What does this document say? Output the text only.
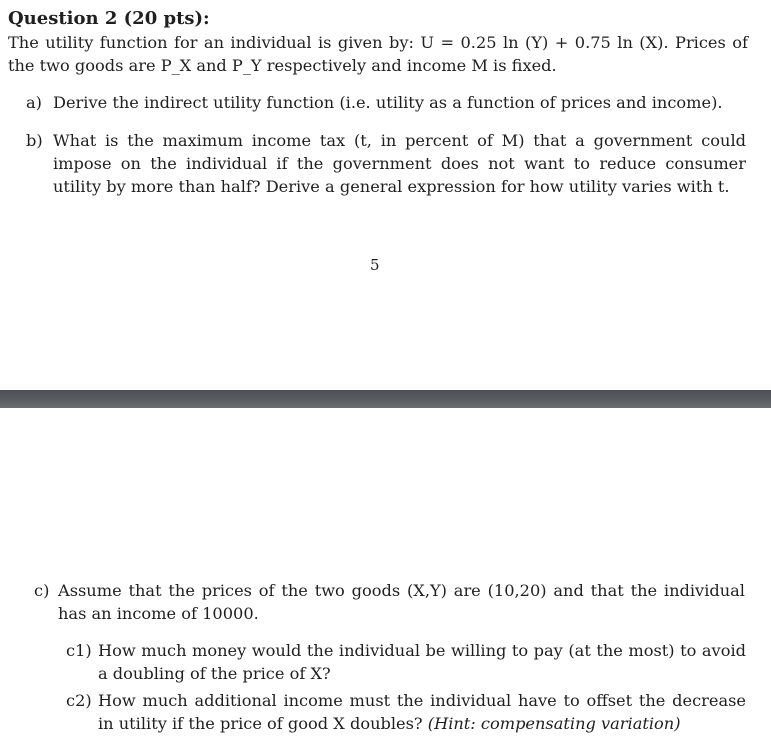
Question 2 (20 pts):
The utility function for an individual is given by: U = 0.25 ln (Y) + 0.75 ln (X). Prices of the two goods are P_X and P_Y respectively and income M is fixed.
a) Derive the indirect utility function (i.e. utility as a function of prices and income).
b) What is the maximum income tax (t, in percent of M) that a government could impose on the individual if the government does not want to reduce consumer utility by more than half? Derive a general expression for how utility varies with t.
5
c) Assume that the prices of the two goods (X,Y) are (10,20) and that the individual has an income of 10000.
c1) How much money would the individual be willing to pay (at the most) to avoid a doubling of the price of X?
c2) How much additional income must the individual have to offset the decrease in utility if the price of good X doubles? (Hint: compensating variation)
